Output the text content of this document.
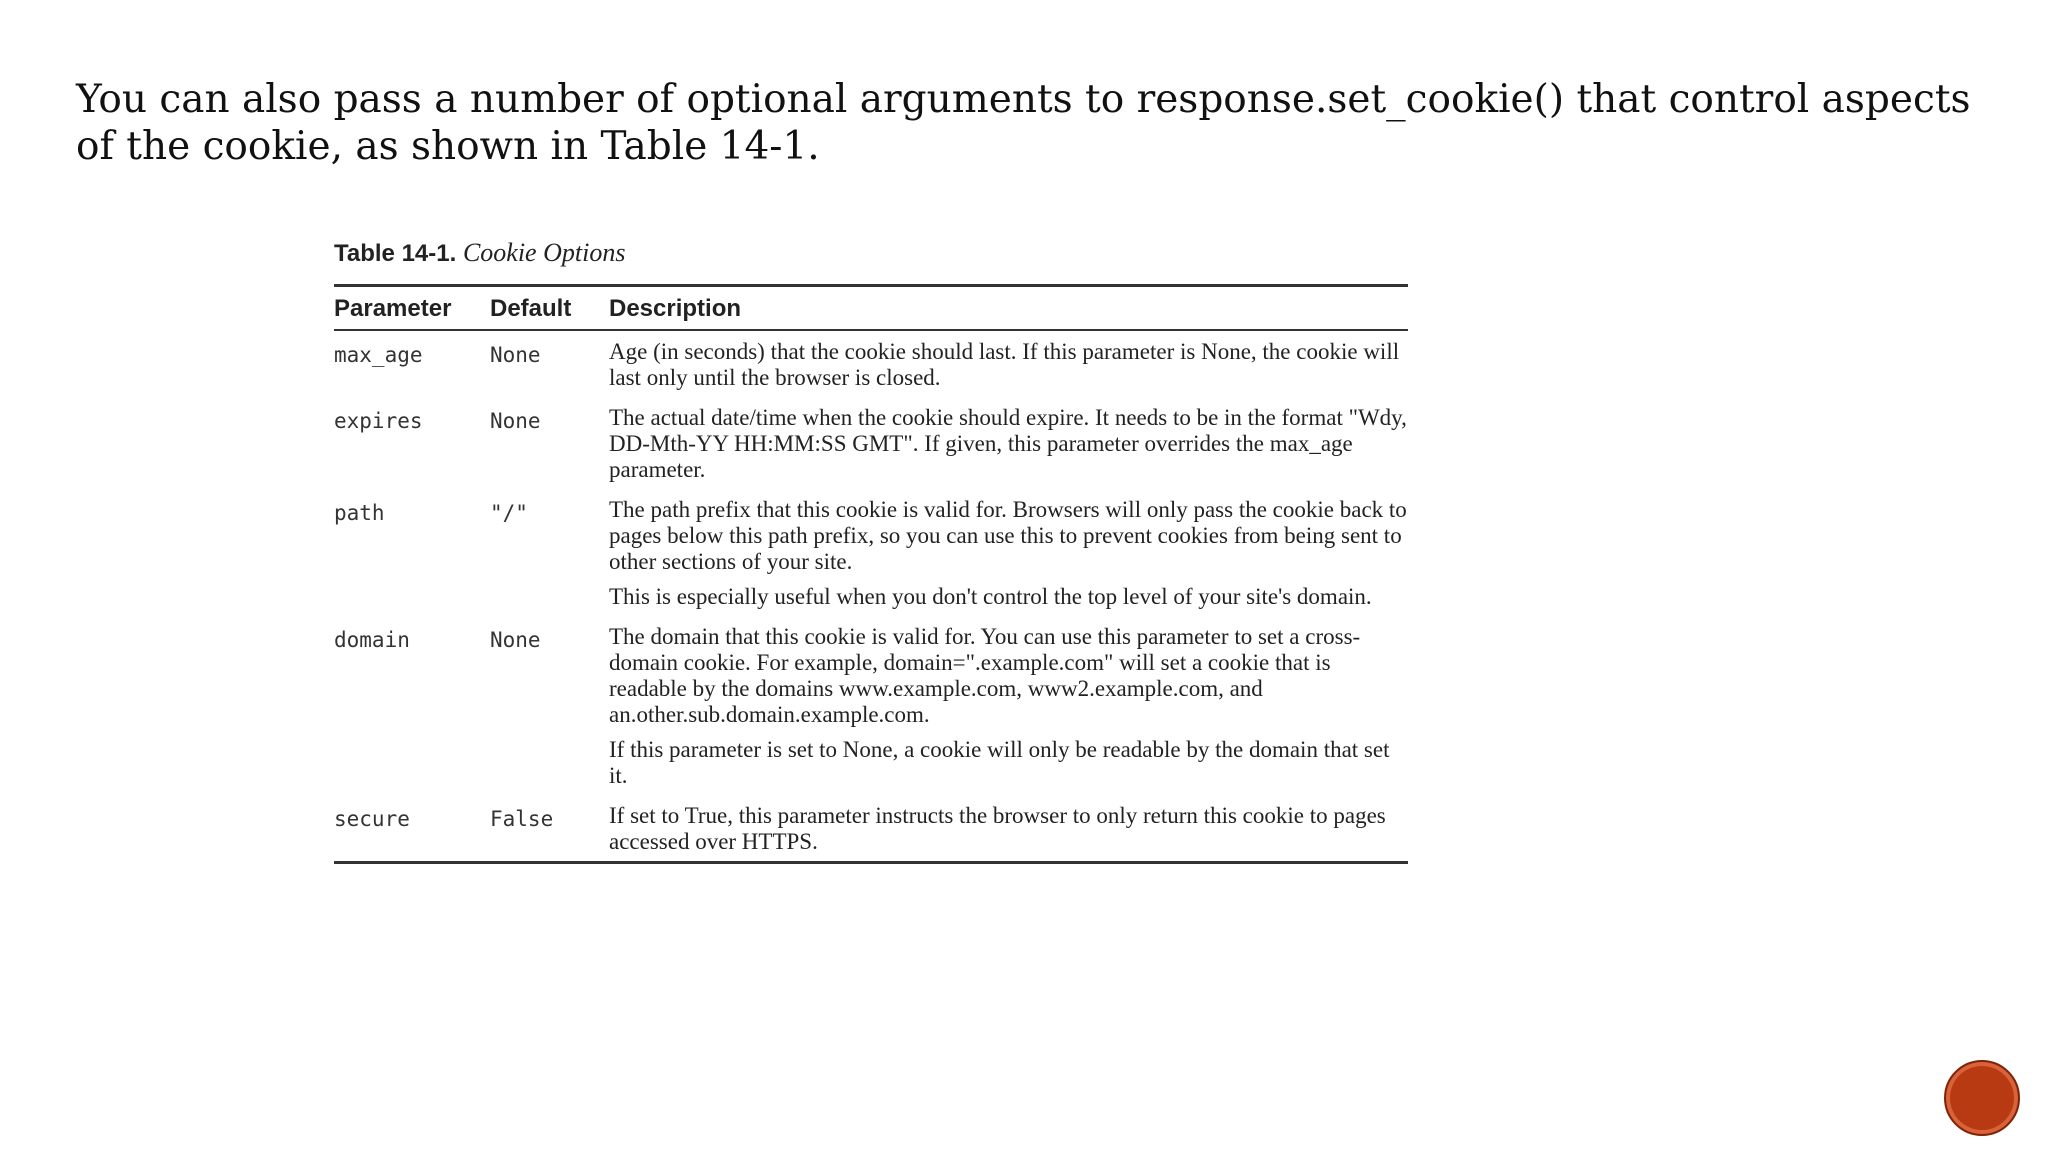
You can also pass a number of optional arguments to response.set_cookie() that control aspects of the cookie, as shown in Table 14-1.
Table 14-1. Cookie Options
Parameter	Default	Description
max_age	None	Age (in seconds) that the cookie should last. If this parameter is None, the cookie will last only until the browser is closed.

expires	None	The actual date/time when the cookie should expire. It needs to be in the format "Wdy, DD-Mth-YY HH:MM:SS GMT". If given, this parameter overrides the max_age parameter.

path	"/"	The path prefix that this cookie is valid for. Browsers will only pass the cookie back to pages below this path prefix, so you can use this to prevent cookies from being sent to other sections of your site.

This is especially useful when you don't control the top level of your site's domain.

domain	None	The domain that this cookie is valid for. You can use this parameter to set a cross-domain cookie. For example, domain=".example.com" will set a cookie that is readable by the domains www.example.com, www2.example.com, and an.other.sub.domain.example.com.

If this parameter is set to None, a cookie will only be readable by the domain that set it.

secure	False	If set to True, this parameter instructs the browser to only return this cookie to pages accessed over HTTPS.
